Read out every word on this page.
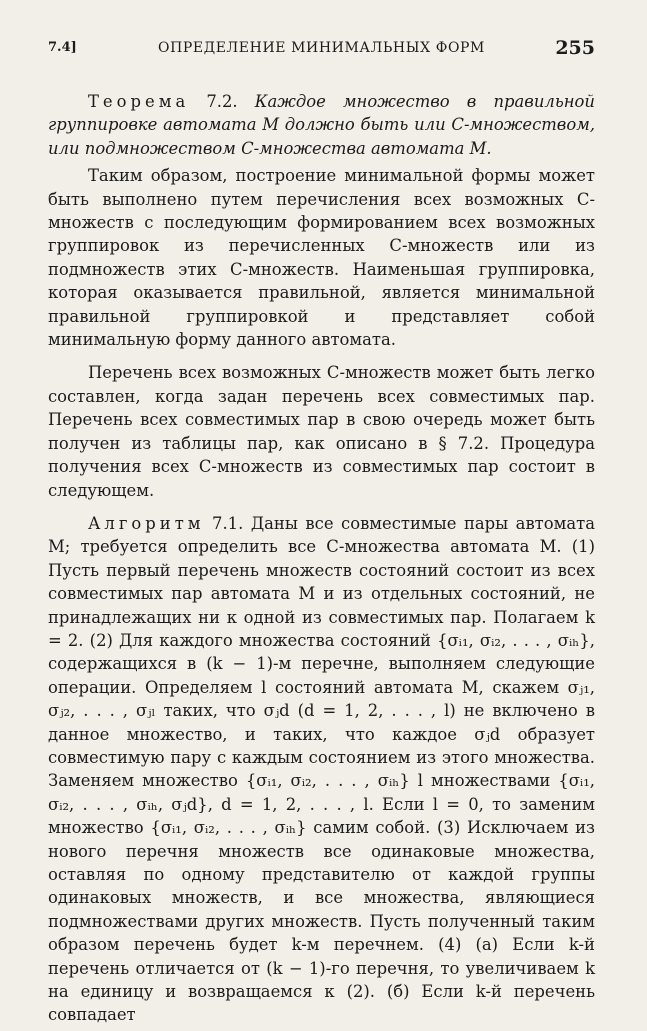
7.4]	ОПРЕДЕЛЕНИЕ МИНИМАЛЬНЫХ ФОРМ	255

Теорема 7.2. Каждое множество в правильной группировке автомата M должно быть или C-множеством, или подмножеством C-множества автомата M.

Таким образом, построение минимальной формы может быть выполнено путем перечисления всех возможных C-множеств с последующим формированием всех возможных группировок из перечисленных C-множеств или из подмножеств этих C-множеств. Наименьшая группировка, которая оказывается правильной, является минимальной правильной группировкой и представляет собой минимальную форму данного автомата.

Перечень всех возможных C-множеств может быть легко составлен, когда задан перечень всех совместимых пар. Перечень всех совместимых пар в свою очередь может быть получен из таблицы пар, как описано в § 7.2. Процедура получения всех C-множеств из совместимых пар состоит в следующем.

Алгоритм 7.1. Даны все совместимые пары автомата M; требуется определить все C-множества автомата M. (1) Пусть первый перечень множеств состояний состоит из всех совместимых пар автомата M и из отдельных состояний, не принадлежащих ни к одной из совместимых пар. Полагаем k = 2. (2) Для каждого множества состояний {σᵢ₁, σᵢ₂, . . . , σᵢₕ}, содержащихся в (k − 1)-м перечне, выполняем следующие операции. Определяем l состояний автомата M, скажем σⱼ₁, σⱼ₂, . . . , σⱼₗ таких, что σⱼd (d = 1, 2, . . . , l) не включено в данное множество, и таких, что каждое σⱼd образует совместимую пару с каждым состоянием из этого множества. Заменяем множество {σᵢ₁, σᵢ₂, . . . , σᵢₕ} l множествами {σᵢ₁, σᵢ₂, . . . , σᵢₕ, σⱼd}, d = 1, 2, . . . , l. Если l = 0, то заменим множество {σᵢ₁, σᵢ₂, . . . , σᵢₕ} самим собой. (3) Исключаем из нового перечня множеств все одинаковые множества, оставляя по одному представителю от каждой группы одинаковых множеств, и все множества, являющиеся подмножествами других множеств. Пусть полученный таким образом перечень будет k-м перечнем. (4) (а) Если k-й перечень отличается от (k − 1)-го перечня, то увеличиваем k на единицу и возвращаемся к (2). (б) Если k-й перечень совпадает
